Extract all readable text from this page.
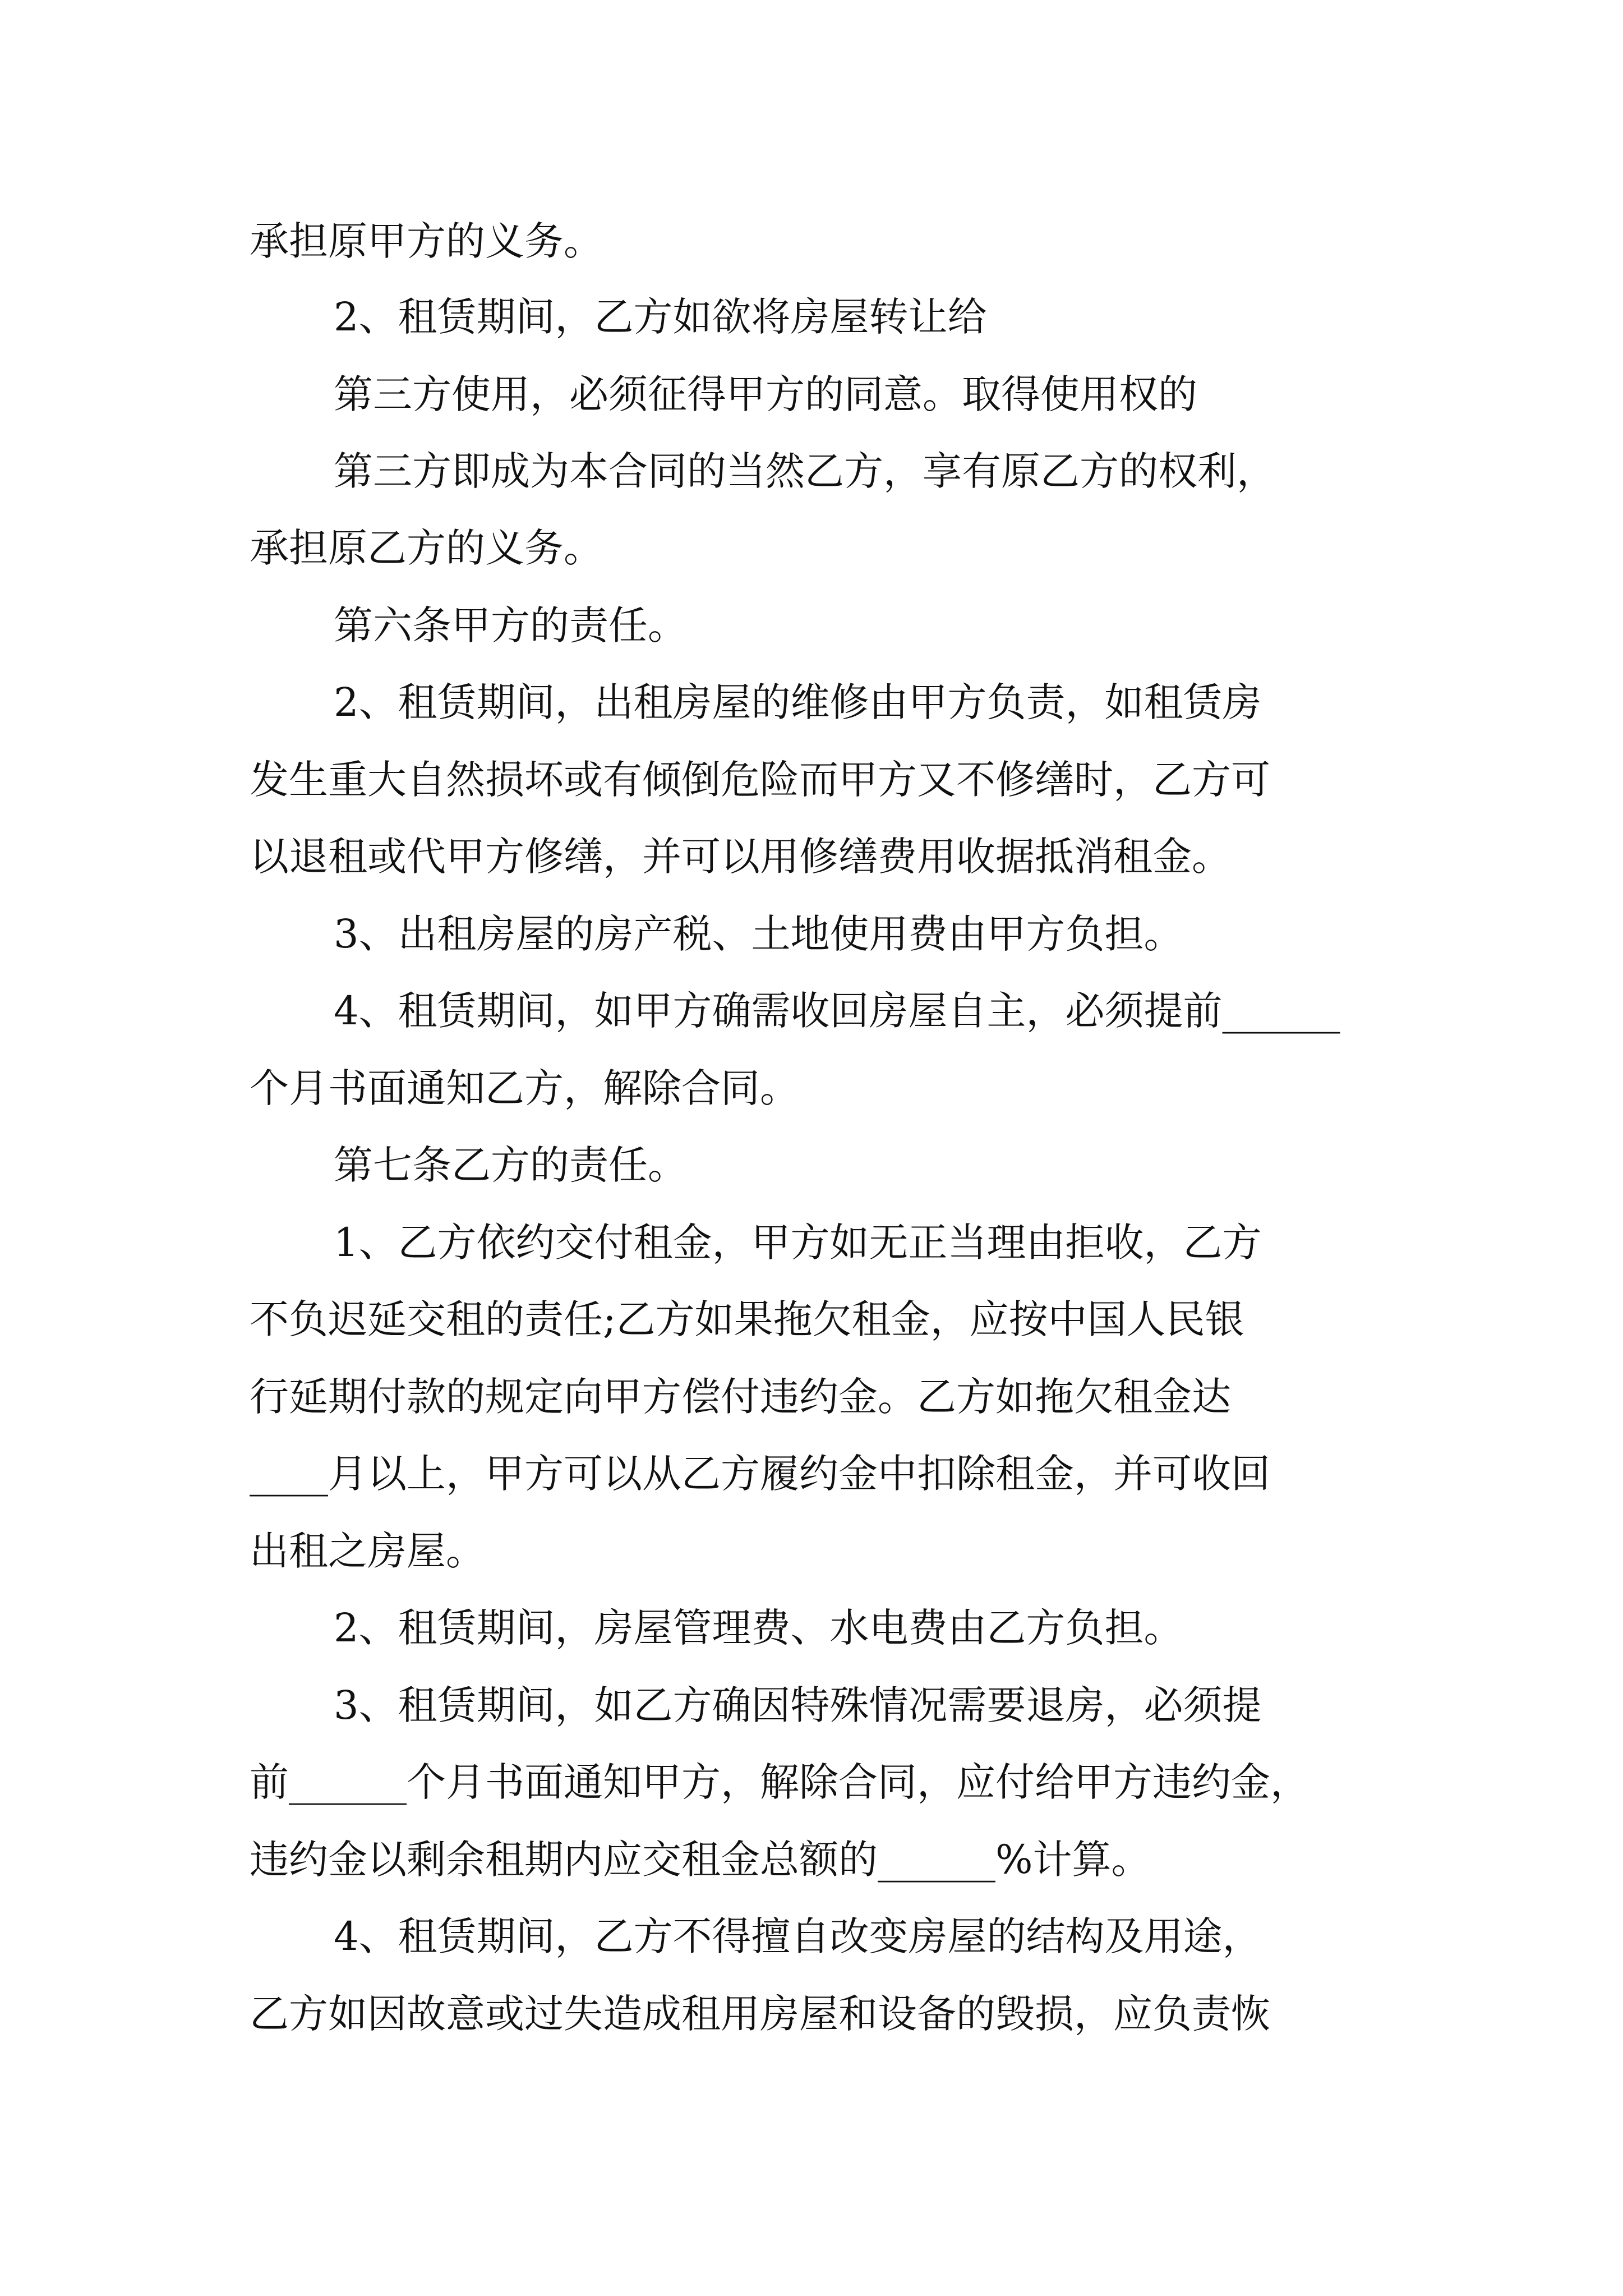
承担原甲方的义务。
2、租赁期间，乙方如欲将房屋转让给
第三方使用，必须征得甲方的同意。取得使用权的
第三方即成为本合同的当然乙方，享有原乙方的权利，
承担原乙方的义务。
第六条甲方的责任。
2、租赁期间，出租房屋的维修由甲方负责，如租赁房
发生重大自然损坏或有倾倒危险而甲方又不修缮时，乙方可
以退租或代甲方修缮，并可以用修缮费用收据抵消租金。
3、出租房屋的房产税、土地使用费由甲方负担。
4、租赁期间，如甲方确需收回房屋自主，必须提前______
个月书面通知乙方，解除合同。
第七条乙方的责任。
1、乙方依约交付租金，甲方如无正当理由拒收，乙方
不负迟延交租的责任;乙方如果拖欠租金，应按中国人民银
行延期付款的规定向甲方偿付违约金。乙方如拖欠租金达
____月以上，甲方可以从乙方履约金中扣除租金，并可收回
出租之房屋。
2、租赁期间，房屋管理费、水电费由乙方负担。
3、租赁期间，如乙方确因特殊情况需要退房，必须提
前______个月书面通知甲方，解除合同，应付给甲方违约金，
违约金以剩余租期内应交租金总额的______%计算。
4、租赁期间，乙方不得擅自改变房屋的结构及用途，
乙方如因故意或过失造成租用房屋和设备的毁损，应负责恢
